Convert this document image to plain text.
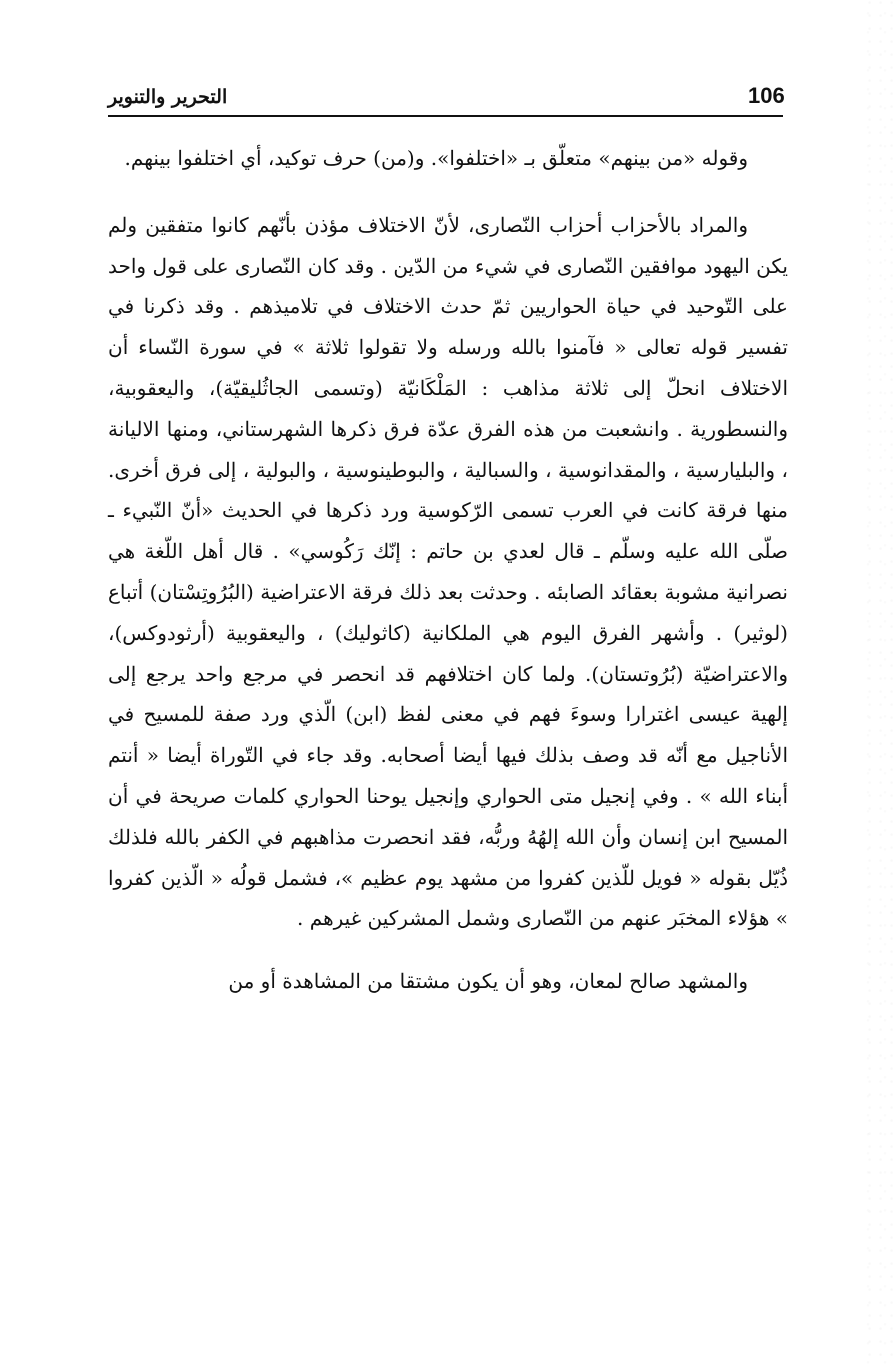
106
التحرير والتنوير

وقوله «من بينهم» متعلّق بـ «اختلفوا». و(من) حرف توكيد، أي اختلفوا بينهم.

والمراد بالأحزاب أحزاب النّصارى، لأنّ الاختلاف مؤذن بأنّهم كانوا متفقين ولم يكن اليهود موافقين النّصارى في شيء من الدّين . وقد كان النّصارى على قول واحد على التّوحيد في حياة الحواريين ثمّ حدث الاختلاف في تلاميذهم . وقد ذكرنا في تفسير قوله تعالى « فآمنوا بالله ورسله ولا تقولوا ثلاثة » في سورة النّساء أن الاختلاف انحلّ إلى ثلاثة مذاهب : المَلْكَانيّة (وتسمى الجاثُليقيّة)، واليعقوبية، والنسطورية . وانشعبت من هذه الفرق عدّة فرق ذكرها الشهرستاني، ومنها الاليانة ، والبليارسية ، والمقدانوسية ، والسبالية ، والبوطينوسية ، والبولية ، إلى فرق أخرى. منها فرقة كانت في العرب تسمى الرّكوسية ورد ذكرها في الحديث «أنّ النّبيء ـ صلّى الله عليه وسلّم ـ قال لعدي بن حاتم : إنّك رَكُوسي» . قال أهل اللّغة هي نصرانية مشوبة بعقائد الصابئه . وحدثت بعد ذلك فرقة الاعتراضية (البُرُوتِسْتان) أتباع (لوثير) . وأشهر الفرق اليوم هي الملكانية (كاثوليك) ، واليعقوبية (أرثودوكس)، والاعتراضيّة (بُرُوتستان). ولما كان اختلافهم قد انحصر في مرجع واحد يرجع إلى إلهية عيسى اغترارا وسوءَ فهم في معنى لفظ (ابن) الّذي ورد صفة للمسيح في الأناجيل مع أنّه قد وصف بذلك فيها أيضا أصحابه. وقد جاء في التّوراة أيضا « أنتم أبناء الله » . وفي إنجيل متى الحواري وإنجيل يوحنا الحواري كلمات صريحة في أن المسيح ابن إنسان وأن الله إلهُهُ وربُّه، فقد انحصرت مذاهبهم في الكفر بالله فلذلك ذُيّل بقوله « فويل للّذين كفروا من مشهد يوم عظيم »، فشمل قولُه « الّذين كفروا » هؤلاء المخبَر عنهم من النّصارى وشمل المشركين غيرهم .

والمشهد صالح لمعان، وهو أن يكون مشتقا من المشاهدة أو من
